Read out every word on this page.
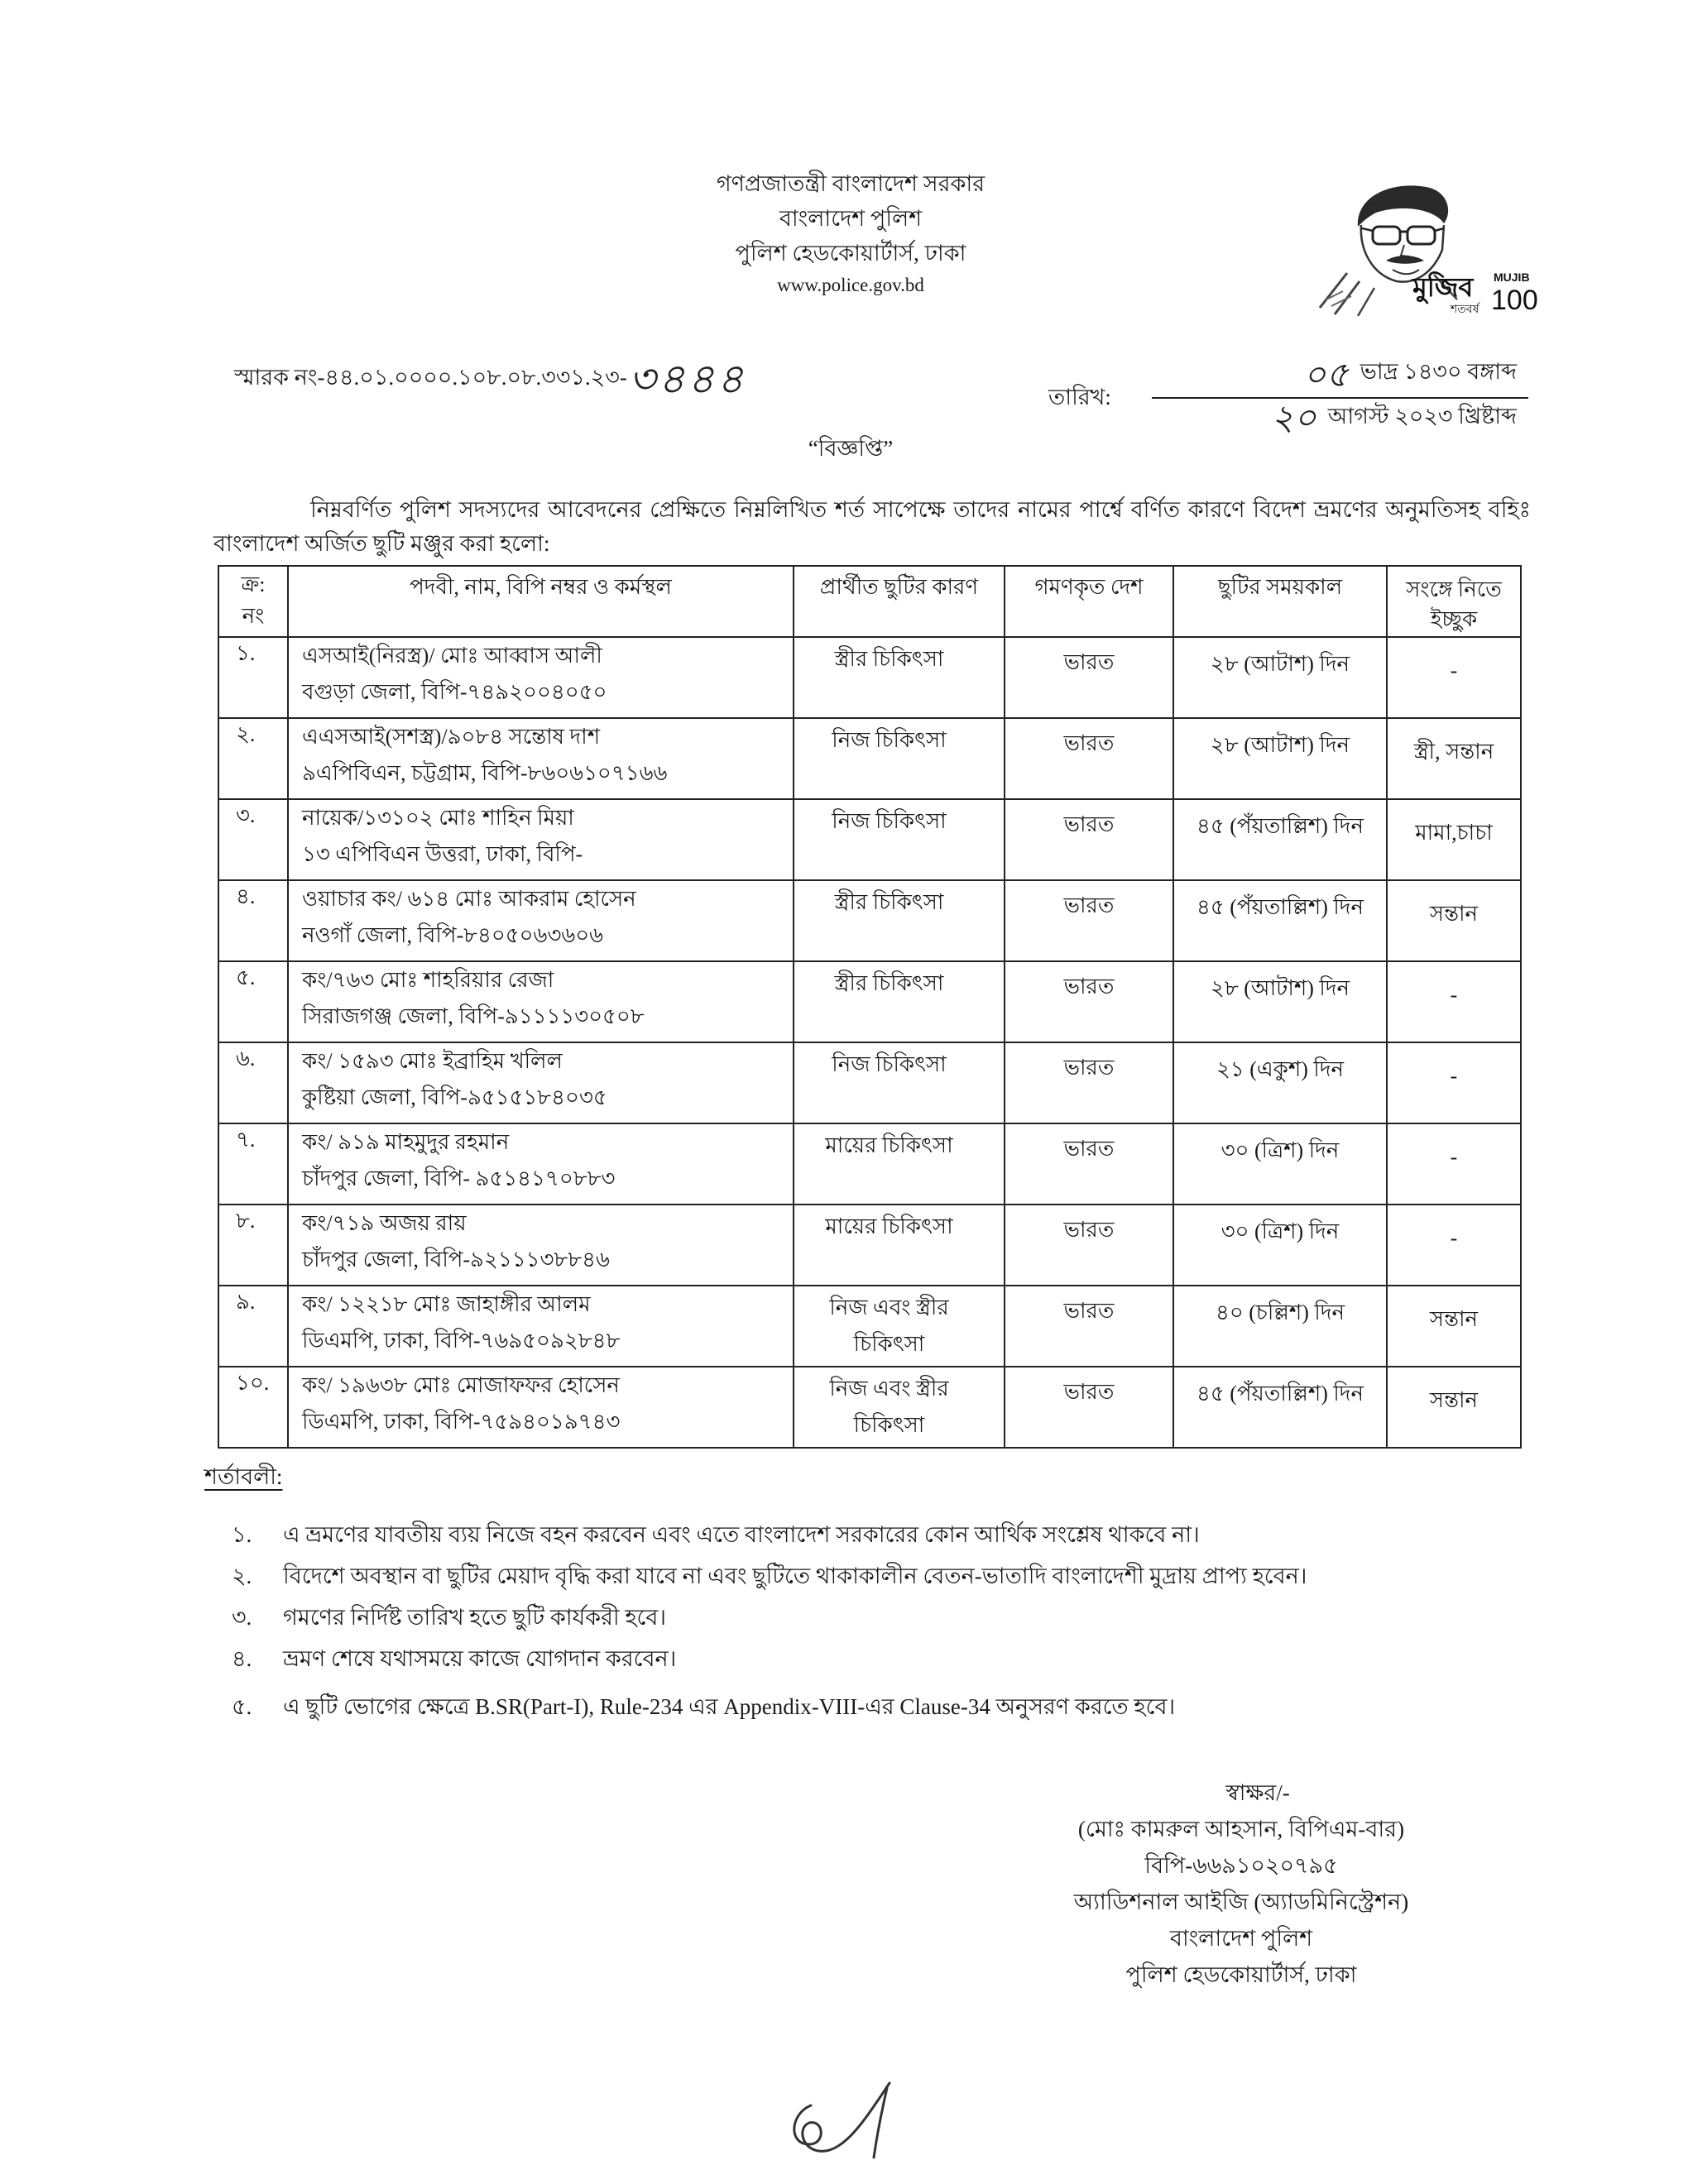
গণপ্রজাতন্ত্রী বাংলাদেশ সরকার
বাংলাদেশ পুলিশ
পুলিশ হেডকোয়ার্টার্স, ঢাকা
www.police.gov.bd	মুজিব
শতবর্ষ
MUJIB
100
স্মারক নং-৪৪.০১.০০০০.১০৮.০৮.৩৩১.২৩- ৩৪৪৪	তারিখ:
০৫ ভাদ্র ১৪৩০ বঙ্গাব্দ
২০ আগস্ট ২০২৩ খ্রিষ্টাব্দ
“বিজ্ঞপ্তি”

নিম্নবর্ণিত পুলিশ সদস্যদের আবেদনের প্রেক্ষিতে নিম্নলিখিত শর্ত সাপেক্ষে তাদের নামের পার্শ্বে বর্ণিত কারণে বিদেশ ভ্রমণের অনুমতিসহ বহিঃ বাংলাদেশ অর্জিত ছুটি মঞ্জুর করা হলো:

ক্র:
নং	পদবী, নাম, বিপি নম্বর ও কর্মস্থল	প্রার্থীত ছুটির কারণ	গমণকৃত দেশ	ছুটির সময়কাল	সংঙ্গে নিতে ইচ্ছুক

১.	এসআই(নিরস্ত্র)/ মোঃ আব্বাস আলী
বগুড়া জেলা, বিপি-৭৪৯২০০৪০৫০	স্ত্রীর চিকিৎসা	ভারত	২৮ (আটাশ) দিন	-

২.	এএসআই(সশস্ত্র)/৯০৮৪ সন্তোষ দাশ
৯এপিবিএন, চট্টগ্রাম, বিপি-৮৬০৬১০৭১৬৬	নিজ চিকিৎসা	ভারত	২৮ (আটাশ) দিন	স্ত্রী, সন্তান

৩.	নায়েক/১৩১০২ মোঃ শাহিন মিয়া
১৩ এপিবিএন উত্তরা, ঢাকা, বিপি-	নিজ চিকিৎসা	ভারত	৪৫ (পঁয়তাল্লিশ) দিন	মামা,চাচা

৪.	ওয়াচার কং/ ৬১৪ মোঃ আকরাম হোসেন
নওগাঁ জেলা, বিপি-৮৪০৫০৬৩৬০৬	স্ত্রীর চিকিৎসা	ভারত	৪৫ (পঁয়তাল্লিশ) দিন	সন্তান

৫.	কং/৭৬৩ মোঃ শাহরিয়ার রেজা
সিরাজগঞ্জ জেলা, বিপি-৯১১১১৩০৫০৮	স্ত্রীর চিকিৎসা	ভারত	২৮ (আটাশ) দিন	-

৬.	কং/ ১৫৯৩ মোঃ ইব্রাহিম খলিল
কুষ্টিয়া জেলা, বিপি-৯৫১৫১৮৪০৩৫	নিজ চিকিৎসা	ভারত	২১ (একুশ) দিন	-

৭.	কং/ ৯১৯ মাহমুদুর রহমান
চাঁদপুর জেলা, বিপি- ৯৫১৪১৭০৮৮৩	মায়ের চিকিৎসা	ভারত	৩০ (ত্রিশ) দিন	-

৮.	কং/৭১৯ অজয় রায়
চাঁদপুর জেলা, বিপি-৯২১১১৩৮৮৪৬	মায়ের চিকিৎসা	ভারত	৩০ (ত্রিশ) দিন	-

৯.	কং/ ১২২১৮ মোঃ জাহাঙ্গীর আলম
ডিএমপি, ঢাকা, বিপি-৭৬৯৫০৯২৮৪৮	নিজ এবং স্ত্রীর চিকিৎসা	ভারত	৪০ (চল্লিশ) দিন	সন্তান

১০.	কং/ ১৯৬৩৮ মোঃ মোজাফফর হোসেন
ডিএমপি, ঢাকা, বিপি-৭৫৯৪০১৯৭৪৩	নিজ এবং স্ত্রীর চিকিৎসা	ভারত	৪৫ (পঁয়তাল্লিশ) দিন	সন্তান
শর্তাবলী:
১. এ ভ্রমণের যাবতীয় ব্যয় নিজে বহন করবেন এবং এতে বাংলাদেশ সরকারের কোন আর্থিক সংশ্লেষ থাকবে না।
২. বিদেশে অবস্থান বা ছুটির মেয়াদ বৃদ্ধি করা যাবে না এবং ছুটিতে থাকাকালীন বেতন-ভাতাদি বাংলাদেশী মুদ্রায় প্রাপ্য হবেন।
৩. গমণের নির্দিষ্ট তারিখ হতে ছুটি কার্যকরী হবে।
৪. ভ্রমণ শেষে যথাসময়ে কাজে যোগদান করবেন।
৫. এ ছুটি ভোগের ক্ষেত্রে B.SR(Part-I), Rule-234 এর Appendix-VIII-এর Clause-34 অনুসরণ করতে হবে।
স্বাক্ষর/-
(মোঃ কামরুল আহসান, বিপিএম-বার)
বিপি-৬৬৯১০২০৭৯৫
অ্যাডিশনাল আইজি (অ্যাডমিনিস্ট্রেশন)
বাংলাদেশ পুলিশ
পুলিশ হেডকোয়ার্টার্স, ঢাকা
